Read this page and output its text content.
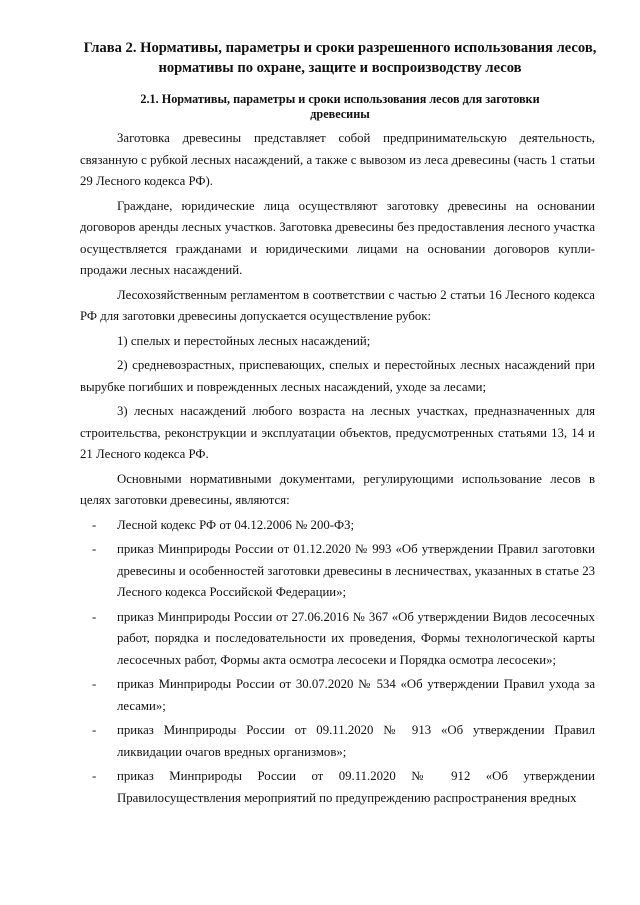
Глава 2. Нормативы, параметры и сроки разрешенного использования лесов, нормативы по охране, защите и воспроизводству лесов
2.1. Нормативы, параметры и сроки использования лесов для заготовки древесины

Заготовка древесины представляет собой предпринимательскую деятельность, связанную с рубкой лесных насаждений, а также с вывозом из леса древесины (часть 1 статьи 29 Лесного кодекса РФ).

Граждане, юридические лица осуществляют заготовку древесины на основании договоров аренды лесных участков. Заготовка древесины без предоставления лесного участка осуществляется гражданами и юридическими лицами на основании договоров купли-продажи лесных насаждений.

Лесохозяйственным регламентом в соответствии с частью 2 статьи 16 Лесного кодекса РФ для заготовки древесины допускается осуществление рубок:

1) спелых и перестойных лесных насаждений;

2) средневозрастных, приспевающих, спелых и перестойных лесных насаждений при вырубке погибших и поврежденных лесных насаждений, уходе за лесами;

3) лесных насаждений любого возраста на лесных участках, предназначенных для строительства, реконструкции и эксплуатации объектов, предусмотренных статьями 13, 14 и 21 Лесного кодекса РФ.

Основными нормативными документами, регулирующими использование лесов в целях заготовки древесины, являются:

- Лесной кодекс РФ от 04.12.2006 № 200-ФЗ;
- приказ Минприроды России от 01.12.2020 № 993 «Об утверждении Правил заготовки древесины и особенностей заготовки древесины в лесничествах, указанных в статье 23 Лесного кодекса Российской Федерации»;
- приказ Минприроды России от 27.06.2016 № 367 «Об утверждении Видов лесосечных работ, порядка и последовательности их проведения, Формы технологической карты лесосечных работ, Формы акта осмотра лесосеки и Порядка осмотра лесосеки»;
- приказ Минприроды России от 30.07.2020 № 534 «Об утверждении Правил ухода за лесами»;
- приказ Минприроды России от 09.11.2020 № 913 «Об утверждении Правил ликвидации очагов вредных организмов»;
- приказ Минприроды России от 09.11.2020 № 912 «Об утверждении Правилосуществления мероприятий по предупреждению распространения вредных
